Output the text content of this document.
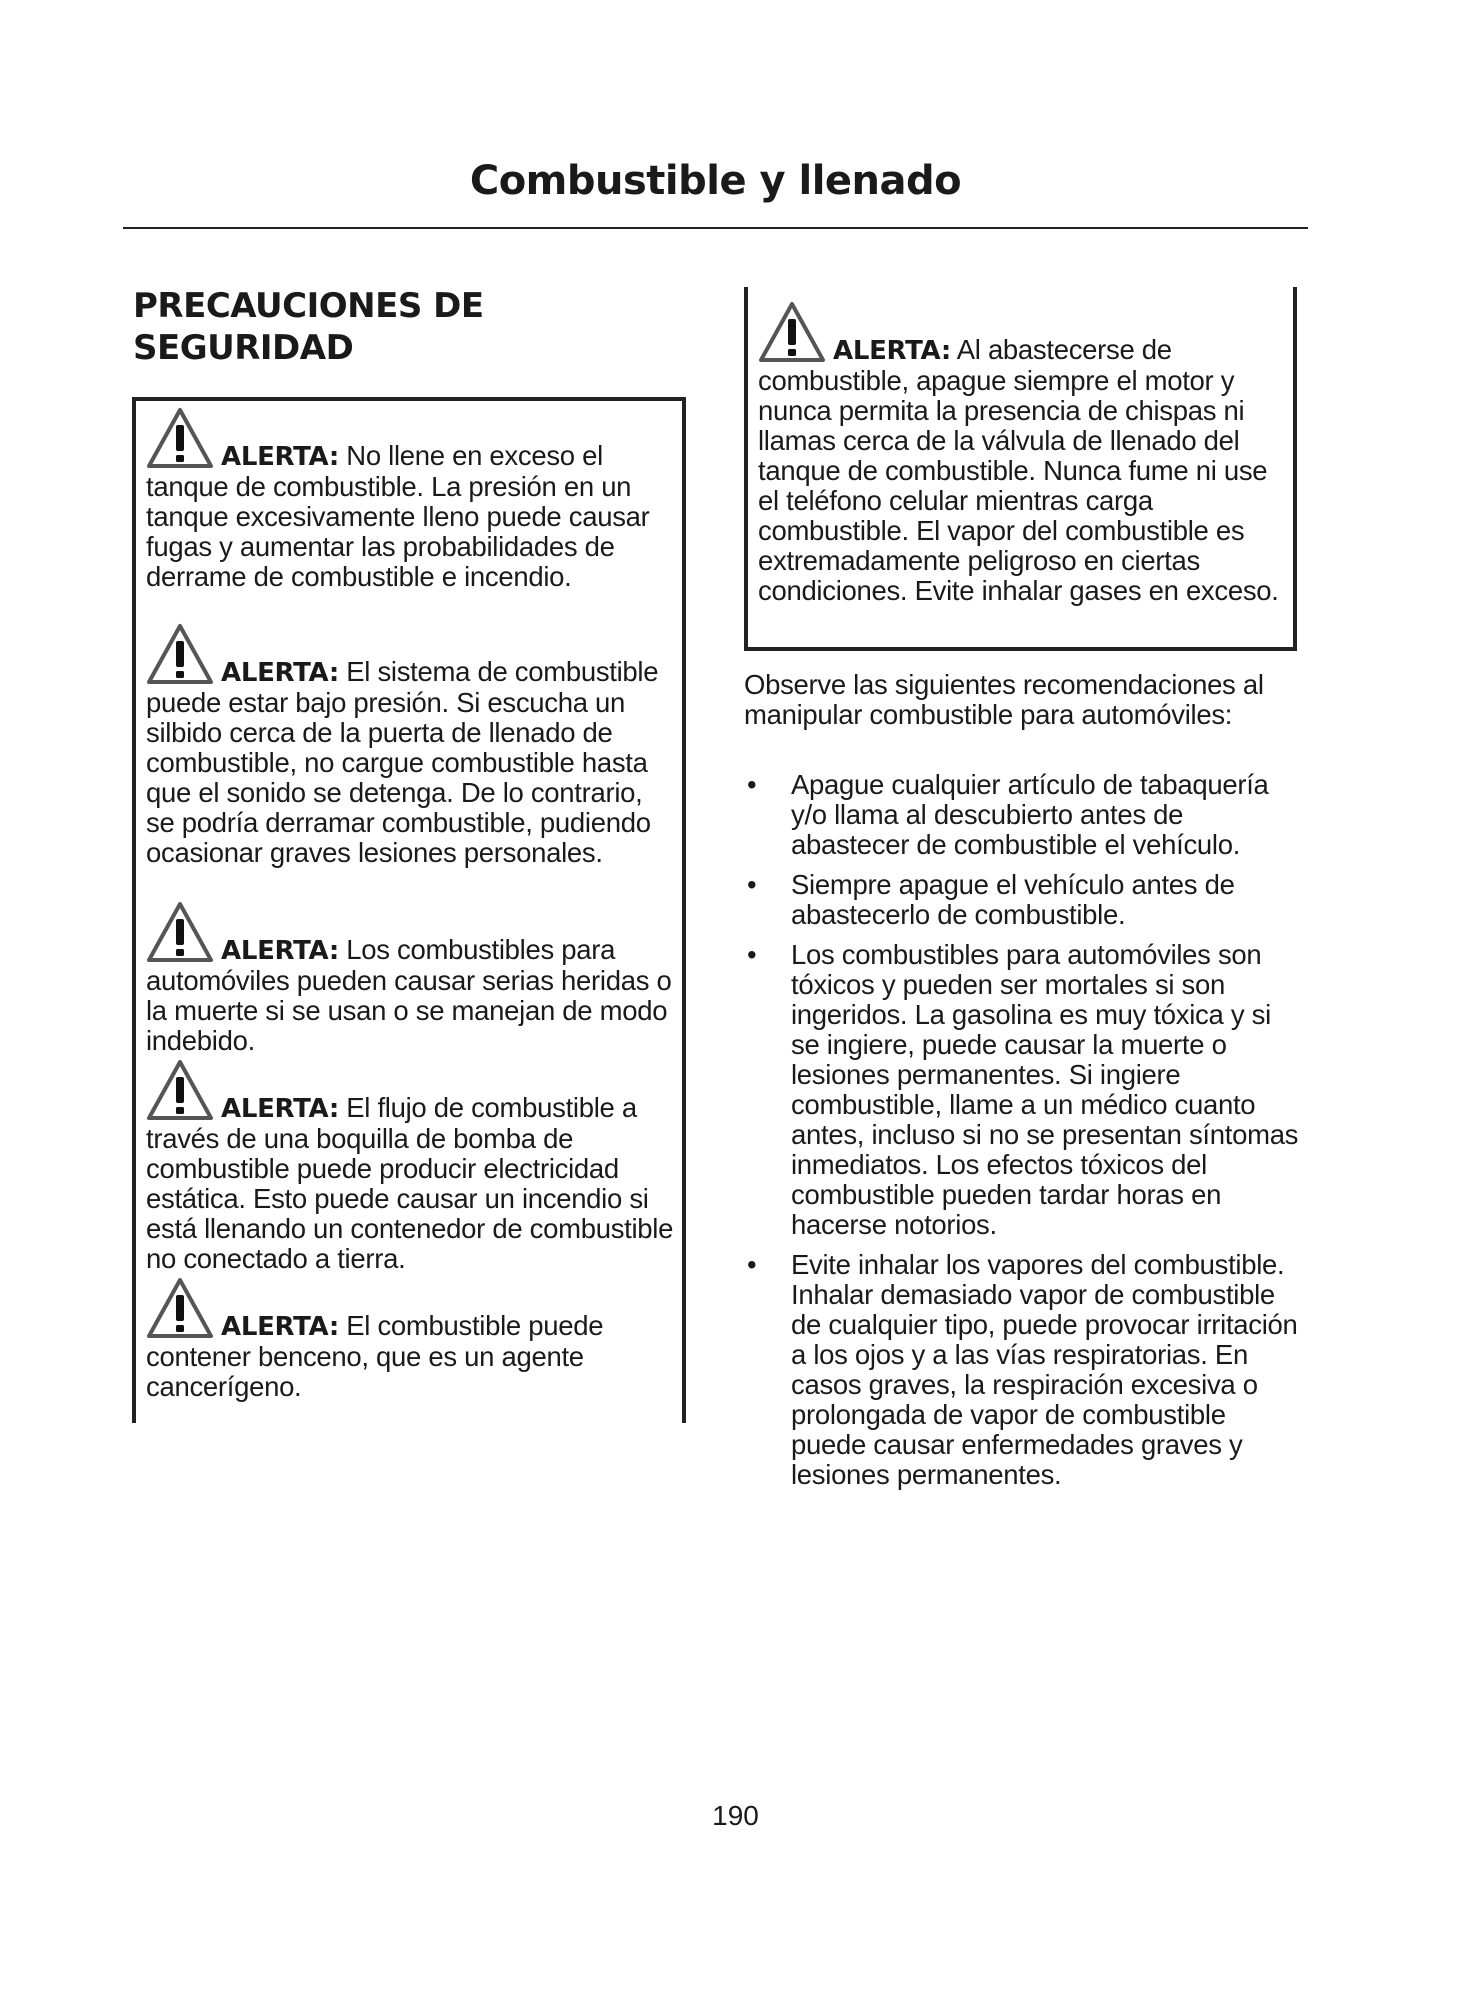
Combustible y llenado
PRECAUCIONES DE SEGURIDAD

ALERTA: No llene en exceso el tanque de combustible. La presión en un tanque excesivamente lleno puede causar fugas y aumentar las probabilidades de derrame de combustible e incendio.

ALERTA: El sistema de combustible puede estar bajo presión. Si escucha un silbido cerca de la puerta de llenado de combustible, no cargue combustible hasta que el sonido se detenga. De lo contrario, se podría derramar combustible, pudiendo ocasionar graves lesiones personales.

ALERTA: Los combustibles para automóviles pueden causar serias heridas o la muerte si se usan o se manejan de modo indebido.

ALERTA: El flujo de combustible a través de una boquilla de bomba de combustible puede producir electricidad estática. Esto puede causar un incendio si está llenando un contenedor de combustible no conectado a tierra.

ALERTA: El combustible puede contener benceno, que es un agente cancerígeno.

ALERTA: Al abastecerse de combustible, apague siempre el motor y nunca permita la presencia de chispas ni llamas cerca de la válvula de llenado del tanque de combustible. Nunca fume ni use el teléfono celular mientras carga combustible. El vapor del combustible es extremadamente peligroso en ciertas condiciones. Evite inhalar gases en exceso.

Observe las siguientes recomendaciones al manipular combustible para automóviles:

• Apague cualquier artículo de tabaquería y/o llama al descubierto antes de abastecer de combustible el vehículo.
• Siempre apague el vehículo antes de abastecerlo de combustible.
• Los combustibles para automóviles son tóxicos y pueden ser mortales si son ingeridos. La gasolina es muy tóxica y si se ingiere, puede causar la muerte o lesiones permanentes. Si ingiere combustible, llame a un médico cuanto antes, incluso si no se presentan síntomas inmediatos. Los efectos tóxicos del combustible pueden tardar horas en hacerse notorios.
• Evite inhalar los vapores del combustible. Inhalar demasiado vapor de combustible de cualquier tipo, puede provocar irritación a los ojos y a las vías respiratorias. En casos graves, la respiración excesiva o prolongada de vapor de combustible puede causar enfermedades graves y lesiones permanentes.

190
